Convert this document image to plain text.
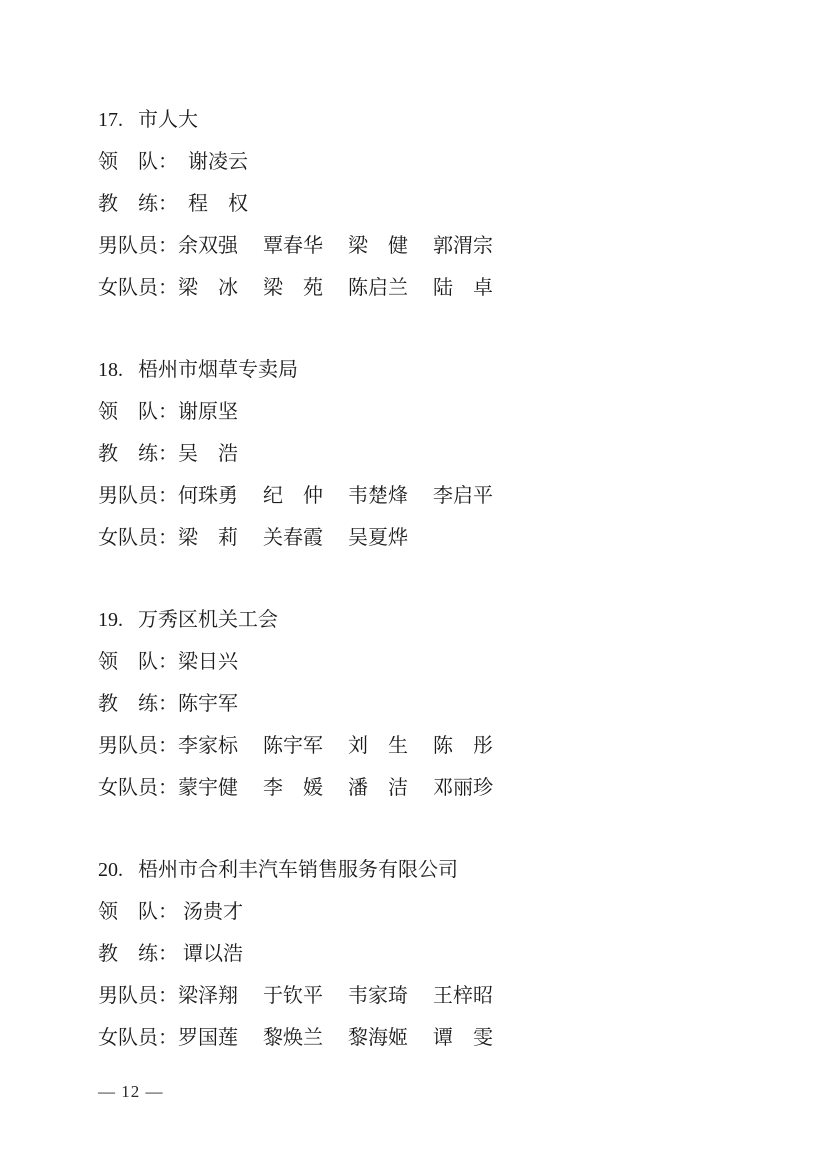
17. 市人大
领　队：　谢凌云
教　练：　程　权
男队员：余双强　 覃春华　 梁　健　 郭渭宗
女队员：梁　冰　 梁　苑　 陈启兰　 陆　卓
18. 梧州市烟草专卖局
领　队：谢原坚
教　练：吴　浩
男队员：何珠勇　 纪　仲　 韦楚烽　 李启平
女队员：梁　莉　 关春霞　 吴夏烨
19. 万秀区机关工会
领　队：梁日兴
教　练：陈宇军
男队员：李家标　 陈宇军　 刘　生　 陈　彤
女队员：蒙宇健　 李　媛　 潘　洁　 邓丽珍
20. 梧州市合利丰汽车销售服务有限公司
领　队： 汤贵才
教　练： 谭以浩
男队员：梁泽翔　 于钦平　 韦家琦　 王梓昭
女队员：罗国莲　 黎焕兰　 黎海姬　 谭　雯
— 12 —
